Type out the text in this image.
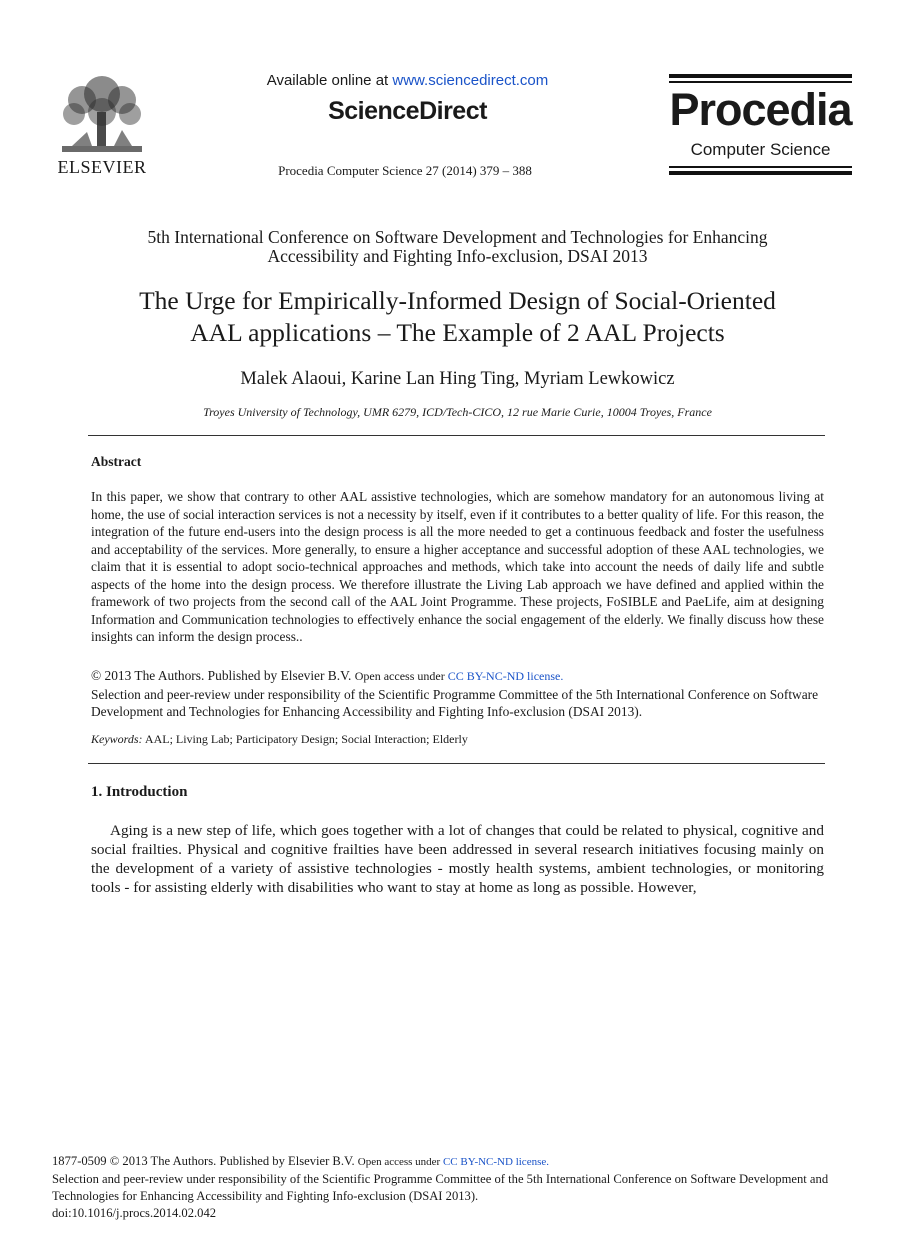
ELSEVIER
Available online at www.sciencedirect.com
ScienceDirect
Procedia Computer Science 27 (2014) 379 – 388
Procedia
Computer Science
5th International Conference on Software Development and Technologies for Enhancing
Accessibility and Fighting Info-exclusion, DSAI 2013
The Urge for Empirically-Informed Design of Social-Oriented
AAL applications – The Example of 2 AAL Projects
Malek Alaoui, Karine Lan Hing Ting, Myriam Lewkowicz
Troyes University of Technology, UMR 6279, ICD/Tech-CICO, 12 rue Marie Curie, 10004 Troyes, France
Abstract
In this paper, we show that contrary to other AAL assistive technologies, which are somehow mandatory for an autonomous living at home, the use of social interaction services is not a necessity by itself, even if it contributes to a better quality of life. For this reason, the integration of the future end-users into the design process is all the more needed to get a continuous feedback and foster the usefulness and acceptability of the services. More generally, to ensure a higher acceptance and successful adoption of these AAL technologies, we claim that it is essential to adopt socio-technical approaches and methods, which take into account the needs of daily life and subtle aspects of the home into the design process. We therefore illustrate the Living Lab approach we have defined and applied within the framework of two projects from the second call of the AAL Joint Programme. These projects, FoSIBLE and PaeLife, aim at designing Information and Communication technologies to effectively enhance the social engagement of the elderly. We finally discuss how these insights can inform the design process..
© 2013 The Authors. Published by Elsevier B.V. Open access under CC BY-NC-ND license.
Selection and peer-review under responsibility of the Scientific Programme Committee of the 5th International Conference on Software Development and Technologies for Enhancing Accessibility and Fighting Info-exclusion (DSAI 2013).
Keywords: AAL; Living Lab; Participatory Design; Social Interaction; Elderly
1. Introduction
Aging is a new step of life, which goes together with a lot of changes that could be related to physical, cognitive and social frailties. Physical and cognitive frailties have been addressed in several research initiatives focusing mainly on the development of a variety of assistive technologies - mostly health systems, ambient technologies, or monitoring tools - for assisting elderly with disabilities who want to stay at home as long as possible. However,
1877-0509 © 2013 The Authors. Published by Elsevier B.V. Open access under CC BY-NC-ND license.
Selection and peer-review under responsibility of the Scientific Programme Committee of the 5th International Conference on Software Development and Technologies for Enhancing Accessibility and Fighting Info-exclusion (DSAI 2013).
doi:10.1016/j.procs.2014.02.042
